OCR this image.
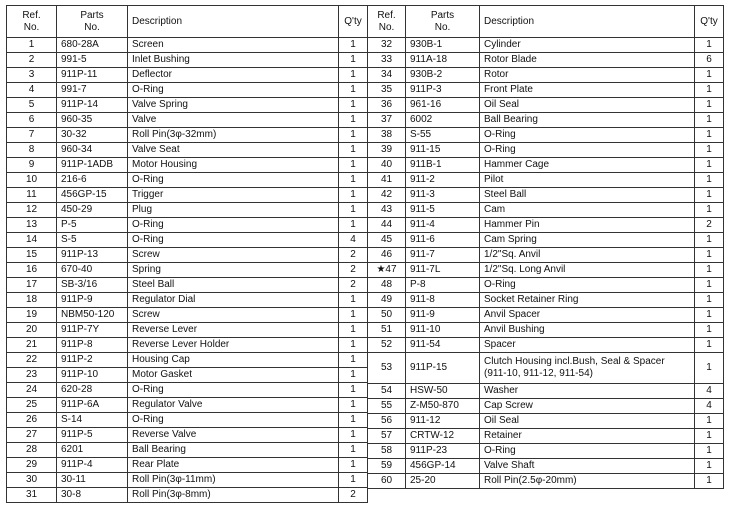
Ref.
No.	Parts
No.	Description	Q'ty
1	680-28A	Screen	1
2	991-5	Inlet Bushing	1
3	911P-11	Deflector	1
4	991-7	O-Ring	1
5	911P-14	Valve Spring	1
6	960-35	Valve	1
7	30-32	Roll Pin(3φ-32mm)	1
8	960-34	Valve Seat	1
9	911P-1ADB	Motor Housing	1
10	216-6	O-Ring	1
11	456GP-15	Trigger	1
12	450-29	Plug	1
13	P-5	O-Ring	1
14	S-5	O-Ring	4
15	911P-13	Screw	2
16	670-40	Spring	2
17	SB-3/16	Steel Ball	2
18	911P-9	Regulator Dial	1
19	NBM50-120	Screw	1
20	911P-7Y	Reverse Lever	1
21	911P-8	Reverse Lever Holder	1
22	911P-2	Housing Cap	1
23	911P-10	Motor Gasket	1
24	620-28	O-Ring	1
25	911P-6A	Regulator Valve	1
26	S-14	O-Ring	1
27	911P-5	Reverse Valve	1
28	6201	Ball Bearing	1
29	911P-4	Rear Plate	1
30	30-11	Roll Pin(3φ-11mm)	1
31	30-8	Roll Pin(3φ-8mm)	2
Ref.
No.	Parts
No.	Description	Q'ty
32	930B-1	Cylinder	1
33	911A-18	Rotor Blade	6
34	930B-2	Rotor	1
35	911P-3	Front Plate	1
36	961-16	Oil Seal	1
37	6002	Ball Bearing	1
38	S-55	O-Ring	1
39	911-15	O-Ring	1
40	911B-1	Hammer Cage	1
41	911-2	Pilot	1
42	911-3	Steel Ball	1
43	911-5	Cam	1
44	911-4	Hammer Pin	2
45	911-6	Cam Spring	1
46	911-7	1/2"Sq. Anvil	1
★47	911-7L	1/2"Sq. Long Anvil	1
48	P-8	O-Ring	1
49	911-8	Socket Retainer Ring	1
50	911-9	Anvil Spacer	1
51	911-10	Anvil Bushing	1
52	911-54	Spacer	1
53	911P-15	Clutch Housing incl.Bush, Seal & Spacer
(911-10, 911-12, 911-54)	1
54	HSW-50	Washer	4
55	Z-M50-870	Cap Screw	4
56	911-12	Oil Seal	1
57	CRTW-12	Retainer	1
58	911P-23	O-Ring	1
59	456GP-14	Valve Shaft	1
60	25-20	Roll Pin(2.5φ-20mm)	1
